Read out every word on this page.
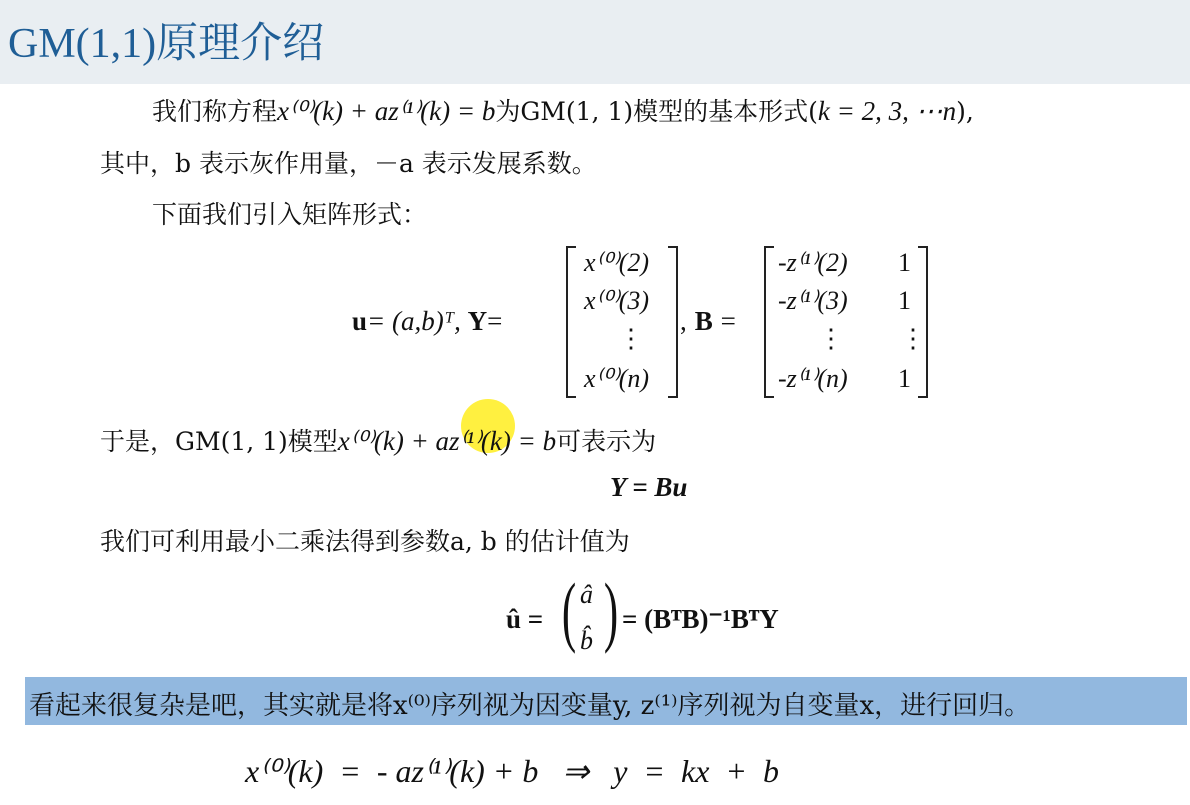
GM(1,1)原理介绍
我们称方程x⁽⁰⁾(k) + az⁽¹⁾(k) = b为GM(1, 1)模型的基本形式(k = 2, 3, ⋯n),
其中，b 表示灰作用量，－a 表示发展系数。
下面我们引入矩阵形式：
u= (a,b)ᵀ, Y=
x⁽⁰⁾(2)
x⁽⁰⁾(3)
⋮
x⁽⁰⁾(n)
, B =
-z⁽¹⁾(2) 1
-z⁽¹⁾(3) 1
⋮ ⋮
-z⁽¹⁾(n) 1
于是，GM(1, 1)模型x⁽⁰⁾(k) + az⁽¹⁾(k) = b可表示为
Y = Bu
我们可利用最小二乘法得到参数a, b 的估计值为
û = ( â
b̂ ) = (BᵀB)⁻¹BᵀY
看起来很复杂是吧，其实就是将x⁽⁰⁾序列视为因变量y, z⁽¹⁾序列视为自变量x，进行回归。
x⁽⁰⁾(k)  =  - az⁽¹⁾(k) + b   ⇒   y  =  kx  +  b
